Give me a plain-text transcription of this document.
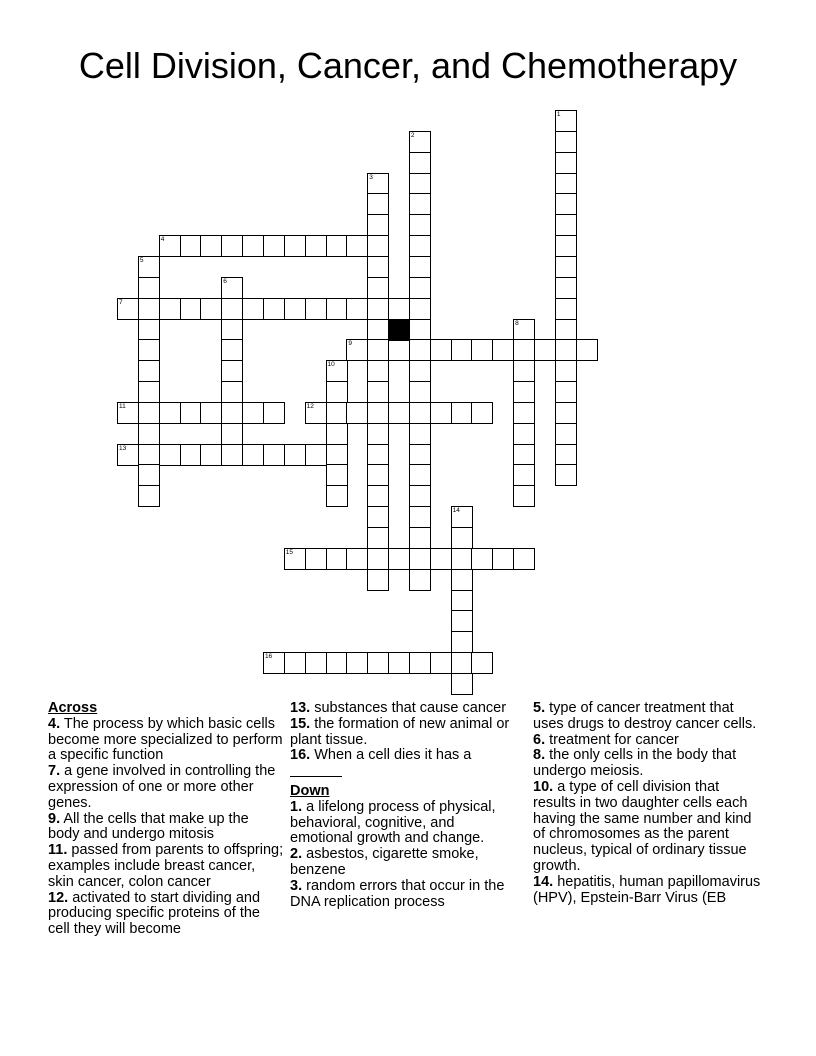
Cell Division, Cancer, and Chemotherapy
1
2
3
4
5
6
7
8
9
10
11	12
13
14
15
16
Across
4. The process by which basic cells become more specialized to perform a specific function
7. a gene involved in controlling the expression of one or more other genes.
9. All the cells that make up the body and undergo mitosis
11. passed from parents to offspring; examples include breast cancer, skin cancer, colon cancer
12. activated to start dividing and producing specific proteins of the cell they will become
13. substances that cause cancer
15. the formation of new animal or plant tissue.
16. When a cell dies it has a

Down
1. a lifelong process of physical, behavioral, cognitive, and emotional growth and change.
2. asbestos, cigarette smoke, benzene
3. random errors that occur in the DNA replication process
5. type of cancer treatment that uses drugs to destroy cancer cells.
6. treatment for cancer
8. the only cells in the body that undergo meiosis.
10. a type of cell division that results in two daughter cells each having the same number and kind of chromosomes as the parent nucleus, typical of ordinary tissue growth.
14. hepatitis, human papillomavirus (HPV), Epstein-Barr Virus (EB
